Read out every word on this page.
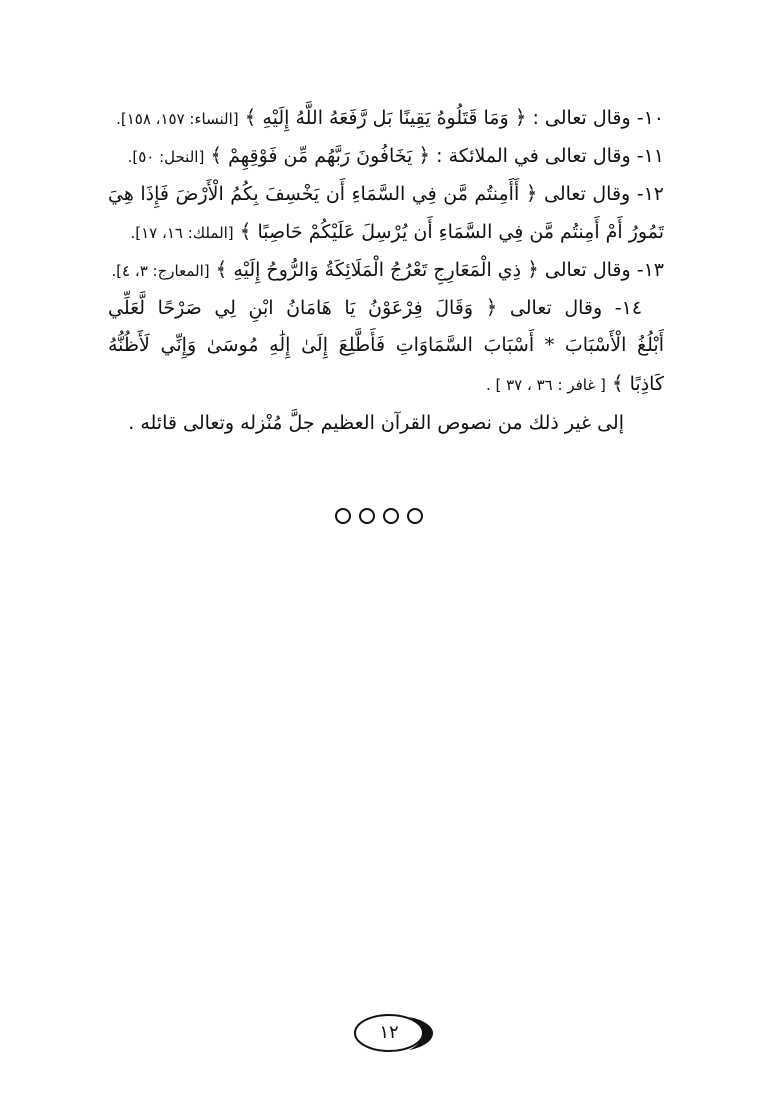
١٠- وقال تعالى : ﴿ وَمَا قَتَلُوهُ يَقِينًا بَل رَّفَعَهُ اللَّهُ إِلَيْهِ ﴾ [النساء: ١٥٧، ١٥٨].
١١- وقال تعالى في الملائكة : ﴿ يَخَافُونَ رَبَّهُم مِّن فَوْقِهِمْ ﴾ [النحل: ٥٠].
١٢- وقال تعالى ﴿ أَأَمِنتُم مَّن فِي السَّمَاءِ أَن يَخْسِفَ بِكُمُ الْأَرْضَ فَإِذَا هِيَ
تَمُورُ أَمْ أَمِنتُم مَّن فِي السَّمَاءِ أَن يُرْسِلَ عَلَيْكُمْ حَاصِبًا ﴾ [الملك: ١٦، ١٧].
١٣- وقال تعالى ﴿ ذِي الْمَعَارِجِ تَعْرُجُ الْمَلَائِكَةُ وَالرُّوحُ إِلَيْهِ ﴾ [المعارج: ٣، ٤].
١٤- وقال تعالى ﴿ وَقَالَ فِرْعَوْنُ يَا هَامَانُ ابْنِ لِي صَرْحًا لَّعَلِّي
أَبْلُغُ الْأَسْبَابَ * أَسْبَابَ السَّمَاوَاتِ فَأَطَّلِعَ إِلَىٰ إِلَٰهِ مُوسَىٰ وَإِنِّي لَأَظُنُّهُ
كَاذِبًا ﴾ [ غافر : ٣٦ ، ٣٧ ] .
إلى غير ذلك من نصوص القرآن العظيم جلَّ مُنْزله وتعالى قائله .
١٢
